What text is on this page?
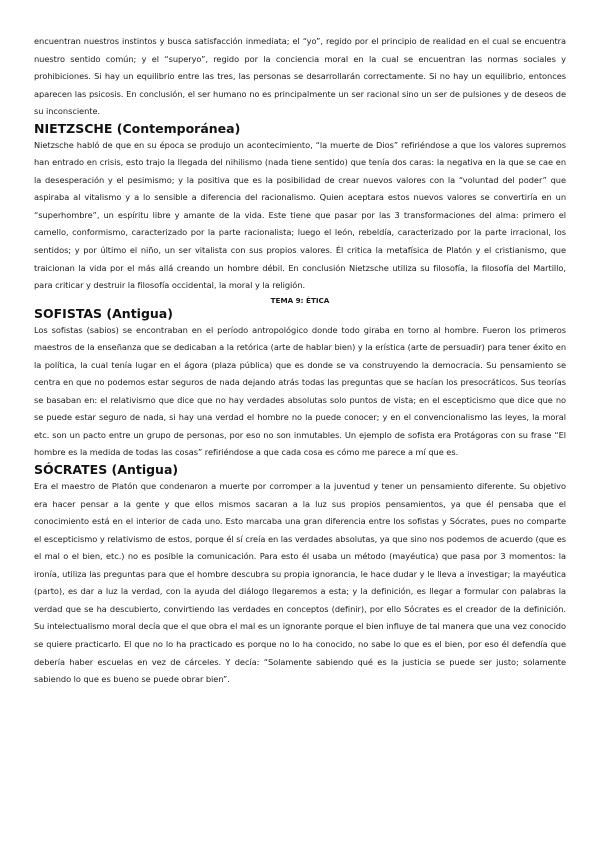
encuentran nuestros instintos y busca satisfacción inmediata; el “yo”, regido por el principio de realidad en el cual se encuentra nuestro sentido común; y el “superyo”, regido por la conciencia moral en la cual se encuentran las normas sociales y prohibiciones. Si hay un equilibrio entre las tres, las personas se desarrollarán correctamente. Si no hay un equilibrio, entonces aparecen las psicosis. En conclusión, el ser humano no es principalmente un ser racional sino un ser de pulsiones y de deseos de su inconsciente.

NIETZSCHE (Contemporánea)

Nietzsche habló de que en su época se produjo un acontecimiento, “la muerte de Dios” refiriéndose a que los valores supremos han entrado en crisis, esto trajo la llegada del nihilismo (nada tiene sentido) que tenía dos caras: la negativa en la que se cae en la desesperación y el pesimismo; y la positiva que es la posibilidad de crear nuevos valores con la “voluntad del poder” que aspiraba al vitalismo y a lo sensible a diferencia del racionalismo. Quien aceptara estos nuevos valores se convertiría en un “superhombre”, un espíritu libre y amante de la vida. Este tiene que pasar por las 3 transformaciones del alma: primero el camello, conformismo, caracterizado por la parte racionalista; luego el león, rebeldía, caracterizado por la parte irracional, los sentidos; y por último el niño, un ser vitalista con sus propios valores. Él critica la metafísica de Platón y el cristianismo, que traicionan la vida por el más allá creando un hombre débil. En conclusión Nietzsche utiliza su filosofía, la filosofía del Martillo, para criticar y destruir la filosofía occidental, la moral y la religión.

TEMA 9: ÉTICA
SOFISTAS (Antigua)

Los sofistas (sabios) se encontraban en el período antropológico donde todo giraba en torno al hombre. Fueron los primeros maestros de la enseñanza que se dedicaban a la retórica (arte de hablar bien) y la erística (arte de persuadir) para tener éxito en la política, la cual tenía lugar en el ágora (plaza pública) que es donde se va construyendo la democracia. Su pensamiento se centra en que no podemos estar seguros de nada dejando atrás todas las preguntas que se hacían los presocráticos. Sus teorías se basaban en: el relativismo que dice que no hay verdades absolutas solo puntos de vista; en el escepticismo que dice que no se puede estar seguro de nada, si hay una verdad el hombre no la puede conocer; y en el convencionalismo las leyes, la moral etc. son un pacto entre un grupo de personas, por eso no son inmutables. Un ejemplo de sofista era Protágoras con su frase “El hombre es la medida de todas las cosas” refiriéndose a que cada cosa es cómo me parece a mí que es.

SÓCRATES (Antigua)

Era el maestro de Platón que condenaron a muerte por corromper a la juventud y tener un pensamiento diferente. Su objetivo era hacer pensar a la gente y que ellos mismos sacaran a la luz sus propios pensamientos, ya que él pensaba que el conocimiento está en el interior de cada uno. Esto marcaba una gran diferencia entre los sofistas y Sócrates, pues no comparte el escepticismo y relativismo de estos, porque él sí creía en las verdades absolutas, ya que sino nos podemos de acuerdo (que es el mal o el bien, etc.) no es posible la comunicación. Para esto él usaba un método (mayéutica) que pasa por 3 momentos: la ironía, utiliza las preguntas para que el hombre descubra su propia ignorancia, le hace dudar y le lleva a investigar; la mayéutica (parto), es dar a luz la verdad, con la ayuda del diálogo llegaremos a esta; y la definición, es llegar a formular con palabras la verdad que se ha descubierto, convirtiendo las verdades en conceptos (definir), por ello Sócrates es el creador de la definición. Su intelectualismo moral decía que el que obra el mal es un ignorante porque el bien influye de tal manera que una vez conocido se quiere practicarlo. El que no lo ha practicado es porque no lo ha conocido, no sabe lo que es el bien, por eso él defendía que debería haber escuelas en vez de cárceles. Y decía: “Solamente sabiendo qué es la justicia se puede ser justo; solamente sabiendo lo que es bueno se puede obrar bien”.
